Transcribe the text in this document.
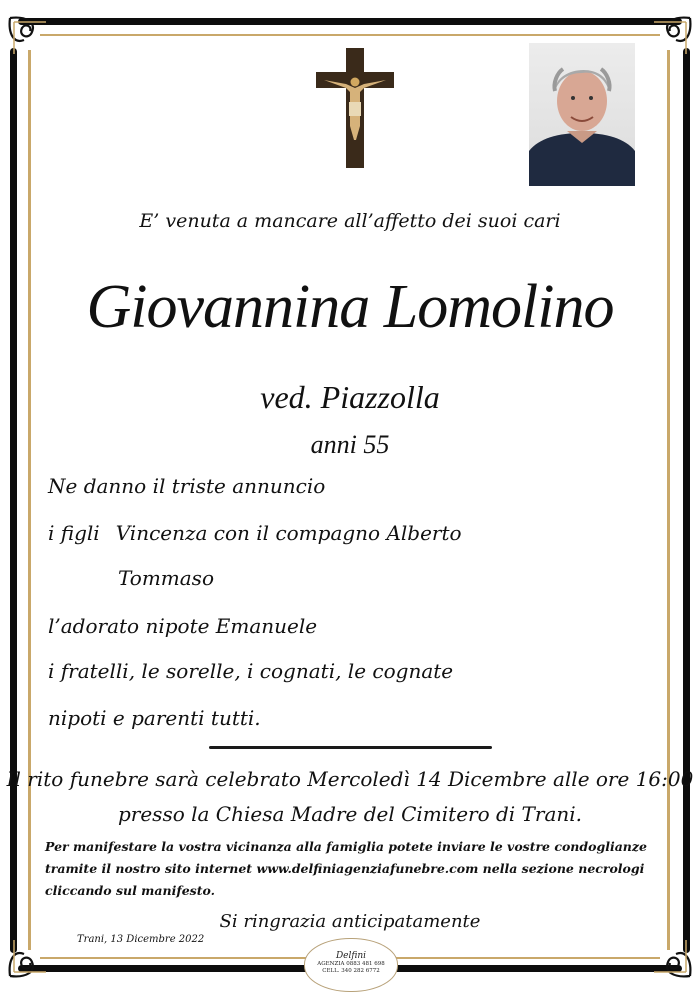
E’ venuta a mancare all’affetto dei suoi cari
Giovannina Lomolino
ved. Piazzolla
anni 55
Ne danno il triste annuncio
i figli Vincenza con il compagno Alberto
Tommaso
l’adorato nipote Emanuele
i fratelli, le sorelle, i cognati, le cognate
nipoti e parenti tutti.
Il rito funebre sarà celebrato Mercoledì 14 Dicembre alle ore 16:00
presso la Chiesa Madre del Cimitero di Trani.
Per manifestare la vostra vicinanza alla famiglia potete inviare le vostre condoglianze tramite il nostro sito internet www.delfiniagenziafunebre.com nella sezione necrologi cliccando sul manifesto.
Si ringrazia anticipatamente
Trani, 13 Dicembre 2022
Delfini
AGENZIA 0883 481 698
CELL. 340 282 6772
